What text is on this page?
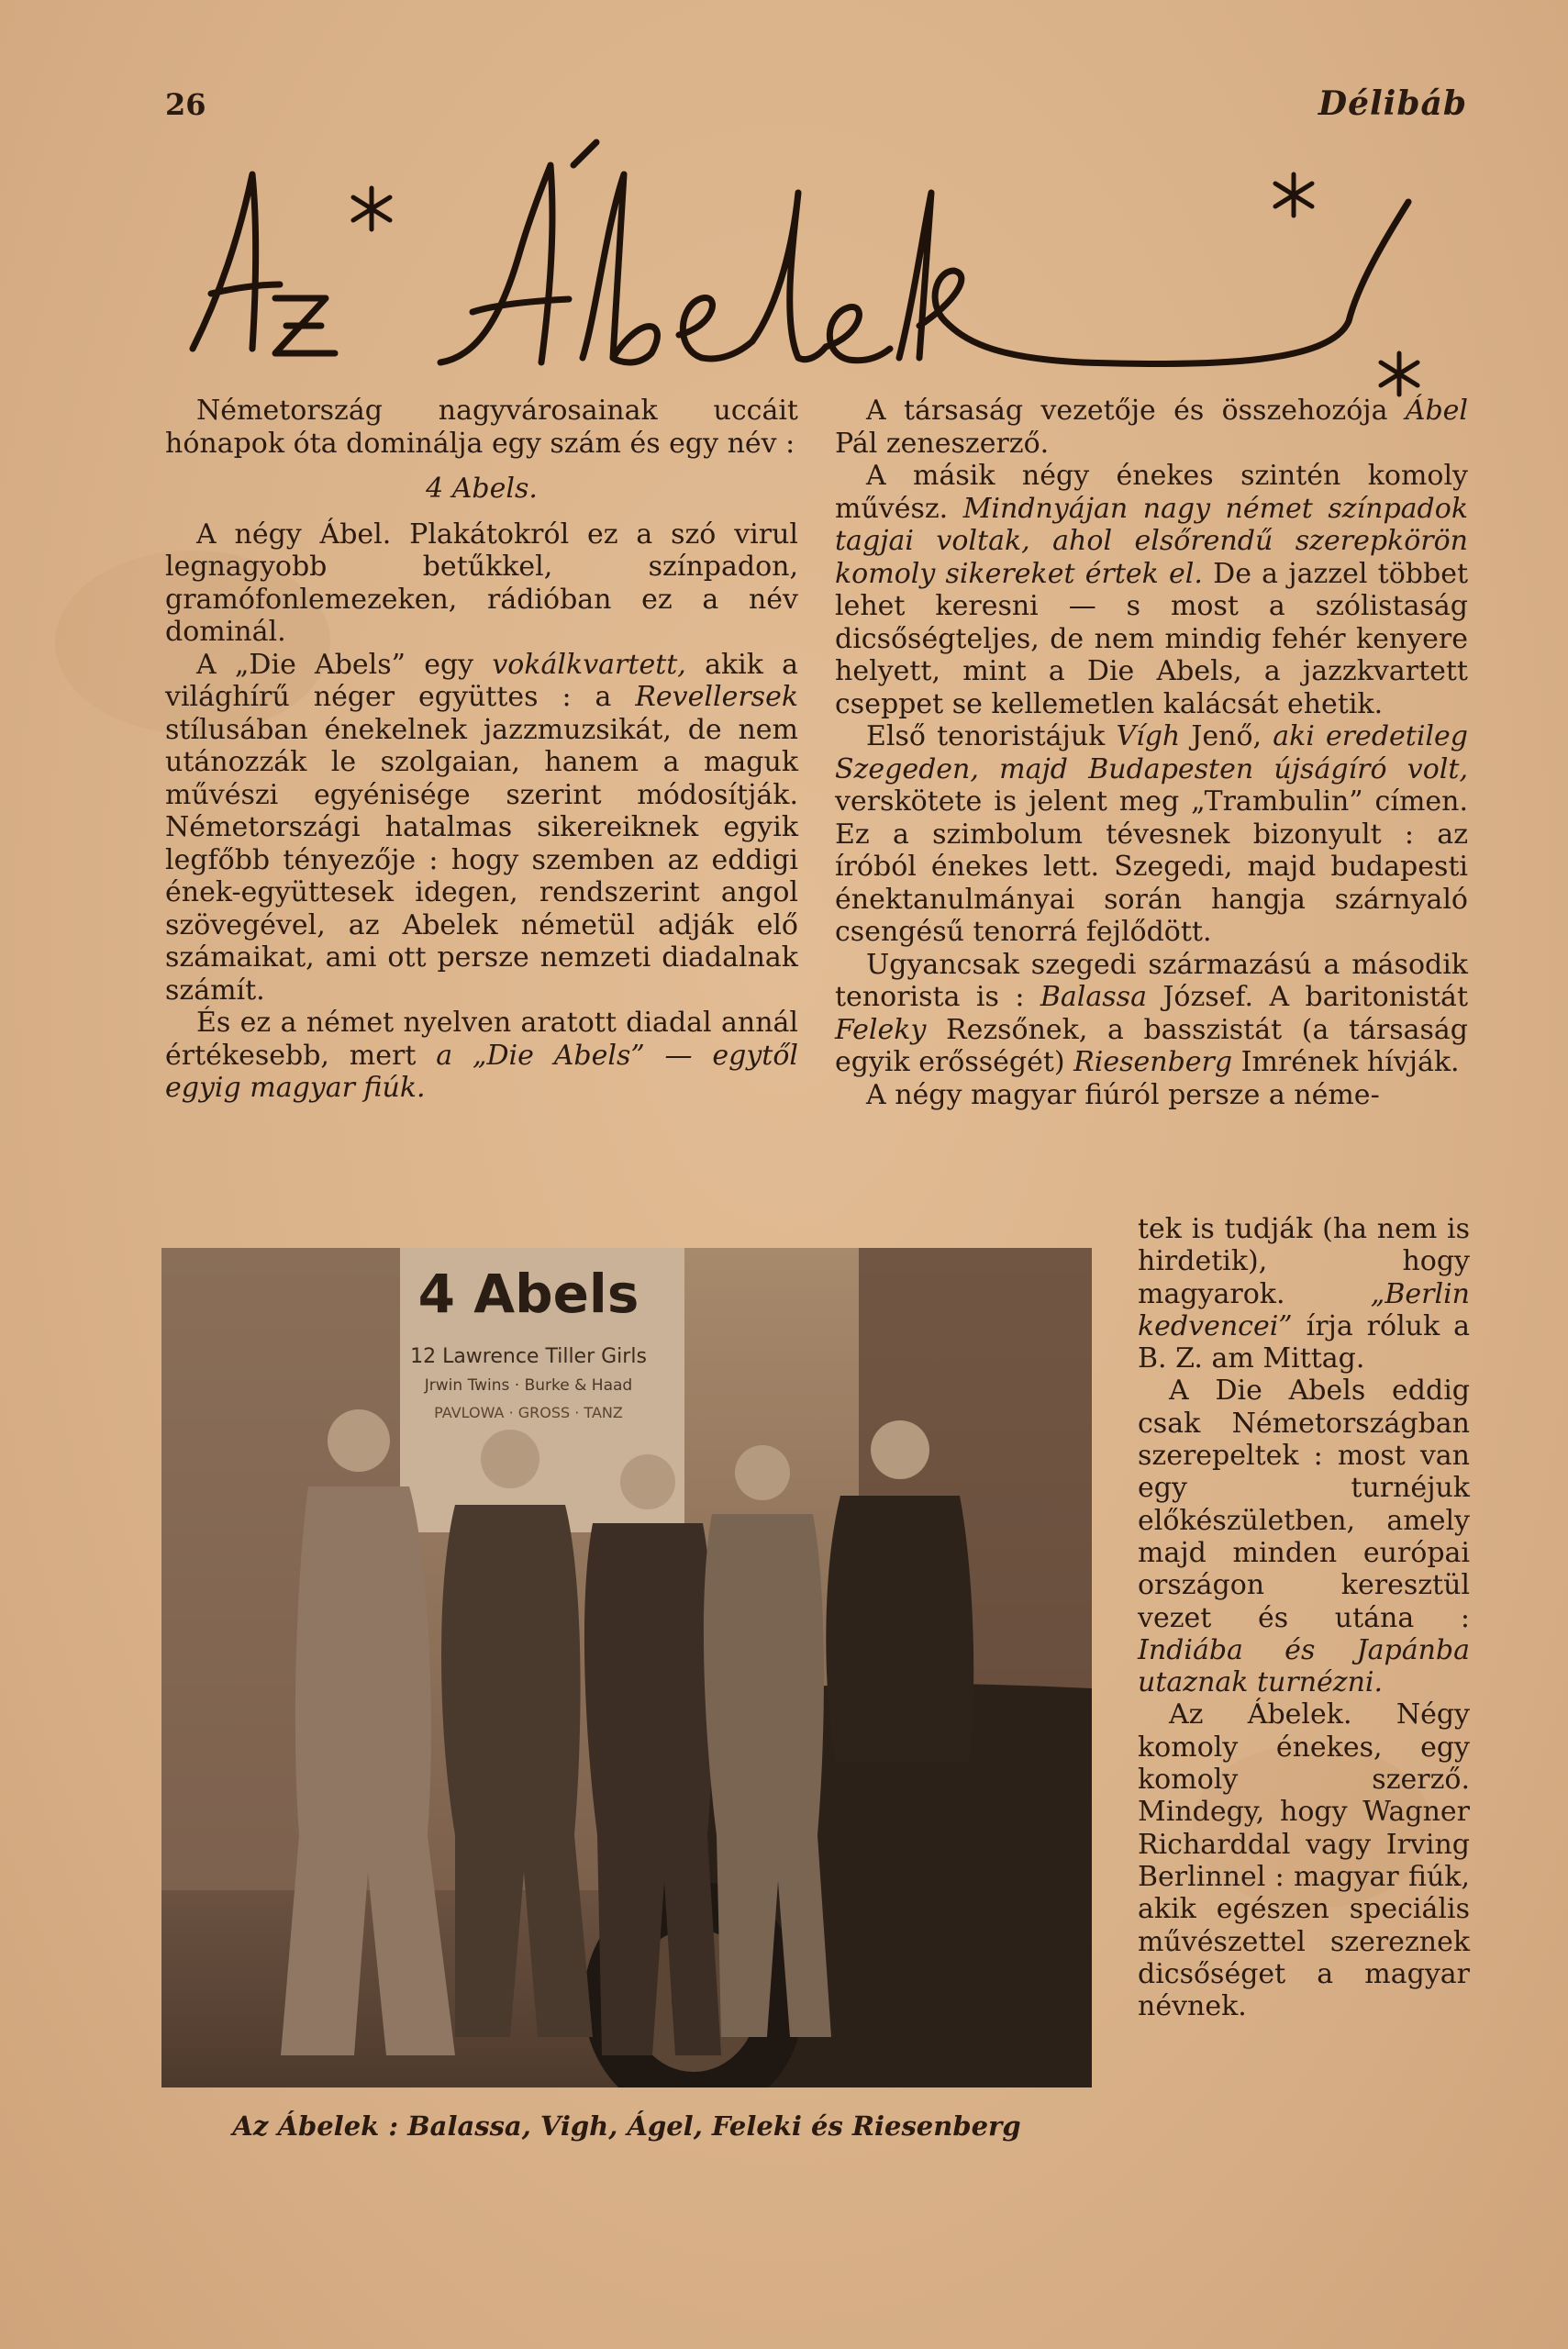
26	Délibáb

Németország nagyvárosainak uccáit hónapok óta dominálja egy szám és egy név :

4 Abels.

A négy Ábel. Plakátokról ez a szó virul legnagyobb betűkkel, színpadon, gramófonlemezeken, rádióban ez a név dominál.

A „Die Abels” egy vokálkvartett, akik a világhírű néger együttes : a Revellersek stílusában énekelnek jazzmuzsikát, de nem utánozzák le szolgaian, hanem a maguk művészi egyénisége szerint módosítják. Németországi hatalmas sikereiknek egyik legfőbb tényezője : hogy szemben az eddigi ének-együttesek idegen, rendszerint angol szövegével, az Abelek németül adják elő számaikat, ami ott persze nemzeti diadalnak számít.

És ez a német nyelven aratott diadal annál értékesebb, mert a „Die Abels” — egytől egyig magyar fiúk.

A társaság vezetője és összehozója Ábel Pál zeneszerző.

A másik négy énekes szintén komoly művész. Mindnyájan nagy német színpadok tagjai voltak, ahol elsőrendű szerepkörön komoly sikereket értek el. De a jazzel többet lehet keresni — s most a szólistaság dicsőségteljes, de nem mindig fehér kenyere helyett, mint a Die Abels, a jazzkvartett cseppet se kellemetlen kalácsát ehetik.

Első tenoristájuk Vígh Jenő, aki eredetileg Szegeden, majd Budapesten újságíró volt, verskötete is jelent meg „Trambulin” címen. Ez a szimbolum tévesnek bizonyult : az íróból énekes lett. Szegedi, majd budapesti énektanulmányai során hangja szárnyaló csengésű tenorrá fejlődött.

Ugyancsak szegedi származású a második tenorista is : Balassa József. A baritonistát Feleky Rezsőnek, a basszistát (a társaság egyik erősségét) Riesenberg Imrének hívják.

A négy magyar fiúról persze a néme-

tek is tudják (ha nem is hirdetik), hogy magyarok. „Berlin kedvencei” írja róluk a B. Z. am Mittag.

A Die Abels eddig csak Németországban szerepeltek : most van egy turnéjuk előkészületben, amely majd minden európai országon keresztül vezet és utána : Indiába és Japánba utaznak turnézni.

Az Ábelek. Négy komoly énekes, egy komoly szerző. Mindegy, hogy Wagner Richarddal vagy Irving Berlinnel : magyar fiúk, akik egészen speciális művészettel szereznek dicsőséget a magyar névnek.

4 Abels
12 Lawrence Tiller Girls
Jrwin Twins · Burke & Haad
PAVLOWA · GROSS · TANZ
Az Ábelek : Balassa, Vigh, Ágel, Feleki és Riesenberg
